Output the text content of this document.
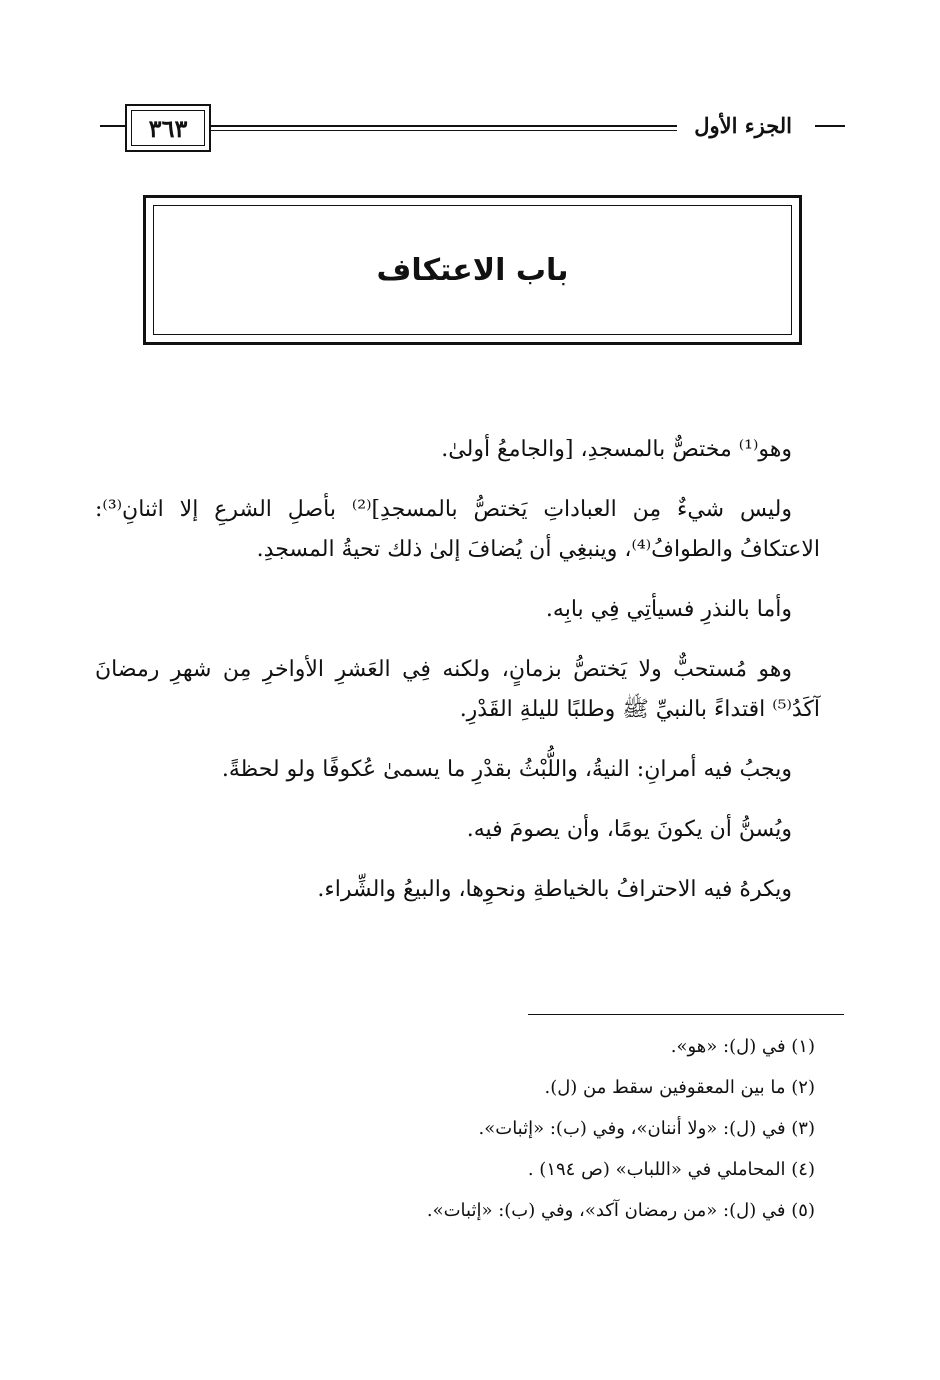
٣٦٣	الجزء الأول
باب الاعتكاف

وهو⁽¹⁾ مختصٌّ بالمسجدِ، [والجامعُ أولىٰ.

وليس شيءٌ مِن العباداتِ يَختصُّ بالمسجدِ]⁽²⁾ بأصلِ الشرعِ إلا اثنانِ⁽³⁾: الاعتكافُ والطوافُ⁽⁴⁾، وينبغِي أن يُضافَ إلىٰ ذلك تحيةُ المسجدِ.

وأما بالنذرِ فسيأتِي فِي بابِه.

وهو مُستحبٌّ ولا يَختصُّ بزمانٍ، ولكنه فِي العَشرِ الأواخرِ مِن شهرِ رمضانَ آكَدُ⁽⁵⁾ اقتداءً بالنبيِّ ﷺ وطلبًا لليلةِ القَدْرِ.

ويجبُ فيه أمرانِ: النيةُ، واللُّبْثُ بقدْرِ ما يسمىٰ عُكوفًا ولو لحظةً.

ويُسنُّ أن يكونَ يومًا، وأن يصومَ فيه.

ويكرهُ فيه الاحترافُ بالخياطةِ ونحوِها، والبيعُ والشِّراء.

(١) في (ل): «هو».
(٢) ما بين المعقوفين سقط من (ل).
(٣) في (ل): «ولا أننان»، وفي (ب): «إثبات».
(٤) المحاملي في «اللباب» (ص ١٩٤) .
(٥) في (ل): «من رمضان آكد»، وفي (ب): «إثبات».
